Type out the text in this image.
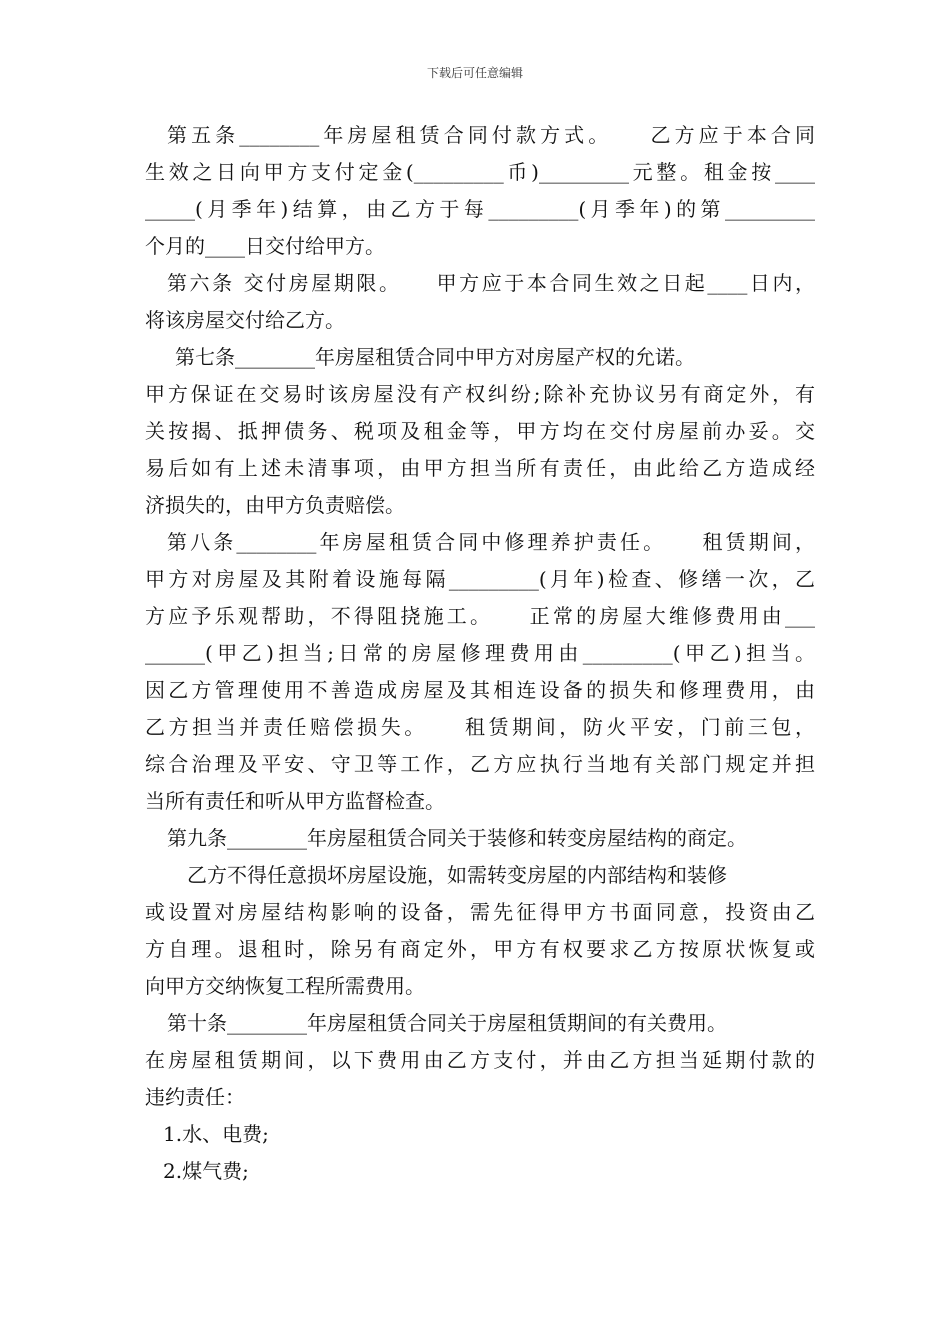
下载后可任意编辑
第五条________年房屋租赁合同付款方式。　　乙方应于本合同
生效之日向甲方支付定金(_________币)_________元整。租金按____
_____(月季年)结算，由乙方于每_________(月季年)的第_________
个月的____日交付给甲方。
第六条 交付房屋期限。　　甲方应于本合同生效之日起____日内，
将该房屋交付给乙方。
第七条________年房屋租赁合同中甲方对房屋产权的允诺。
甲方保证在交易时该房屋没有产权纠纷;除补充协议另有商定外，有
关按揭、抵押债务、税项及租金等，甲方均在交付房屋前办妥。交
易后如有上述未清事项，由甲方担当所有责任，由此给乙方造成经
济损失的，由甲方负责赔偿。
第八条________年房屋租赁合同中修理养护责任。　　租赁期间，
甲方对房屋及其附着设施每隔_________(月年)检查、修缮一次，乙
方应予乐观帮助，不得阻挠施工。　　正常的房屋大维修费用由___
______(甲乙)担当;日常的房屋修理费用由_________(甲乙)担当。
因乙方管理使用不善造成房屋及其相连设备的损失和修理费用，由
乙方担当并责任赔偿损失。　　租赁期间，防火平安，门前三包，
综合治理及平安、守卫等工作，乙方应执行当地有关部门规定并担
当所有责任和听从甲方监督检查。
第九条________年房屋租赁合同关于装修和转变房屋结构的商定。
乙方不得任意损坏房屋设施，如需转变房屋的内部结构和装修
或设置对房屋结构影响的设备，需先征得甲方书面同意，投资由乙
方自理。退租时，除另有商定外，甲方有权要求乙方按原状恢复或
向甲方交纳恢复工程所需费用。
第十条________年房屋租赁合同关于房屋租赁期间的有关费用。
在房屋租赁期间，以下费用由乙方支付，并由乙方担当延期付款的
违约责任：
1.水、电费;
2.煤气费;
